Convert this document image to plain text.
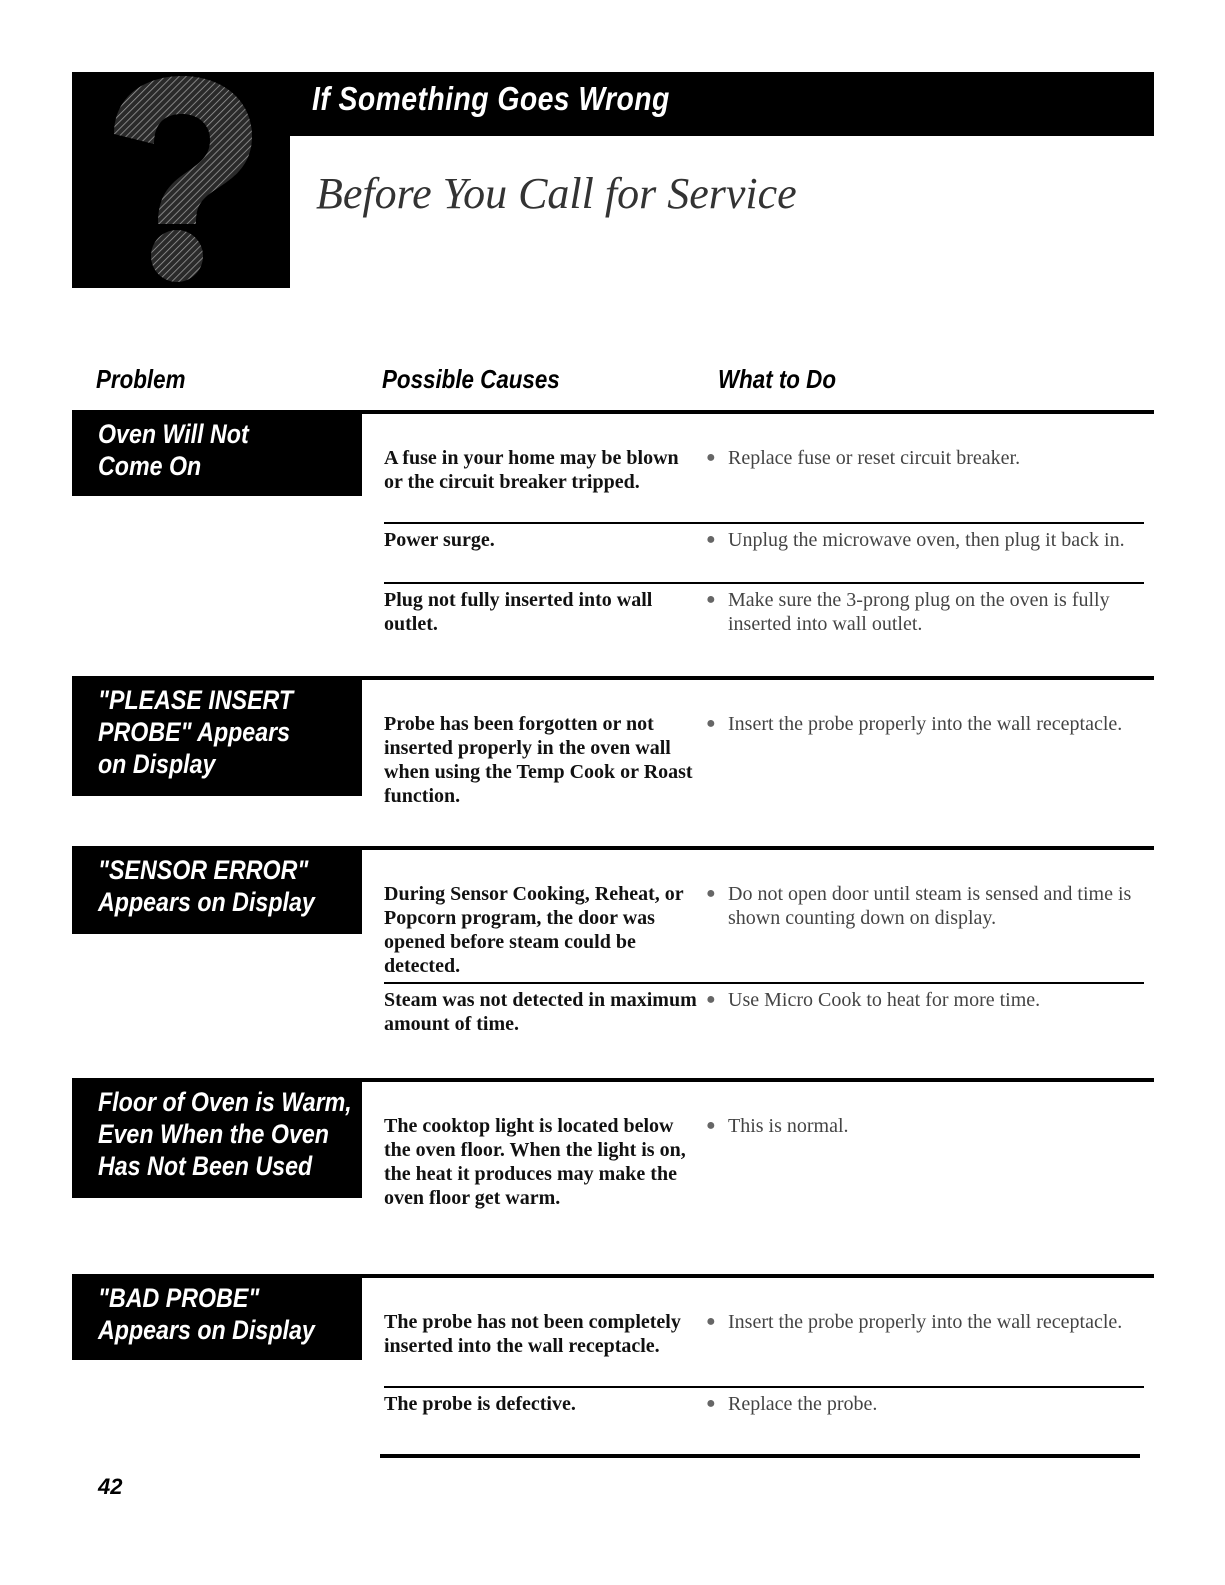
If Something Goes Wrong
Before You Call for Service
Problem	Possible Causes	What to Do
Oven Will Not
Come On	A fuse in your home may be blown or the circuit breaker tripped.
● Replace fuse or reset circuit breaker.
Power surge.	● Unplug the microwave oven, then plug it back in.
Plug not fully inserted into wall outlet.
● Make sure the 3-prong plug on the oven is fully inserted into wall outlet.
"PLEASE INSERT
PROBE" Appears
on Display
Probe has been forgotten or not inserted properly in the oven wall when using the Temp Cook or Roast function.
● Insert the probe properly into the wall receptacle.
"SENSOR ERROR"
Appears on Display	During Sensor Cooking, Reheat, or Popcorn program, the door was opened before steam could be detected.
● Do not open door until steam is sensed and time is shown counting down on display.
Steam was not detected in maximum amount of time.
● Use Micro Cook to heat for more time.
Floor of Oven is Warm,
Even When the Oven
Has Not Been Used
The cooktop light is located below the oven floor. When the light is on, the heat it produces may make the oven floor get warm.
● This is normal.
"BAD PROBE"
Appears on Display	The probe has not been completely inserted into the wall receptacle.
● Insert the probe properly into the wall receptacle.
The probe is defective.	● Replace the probe.
42
